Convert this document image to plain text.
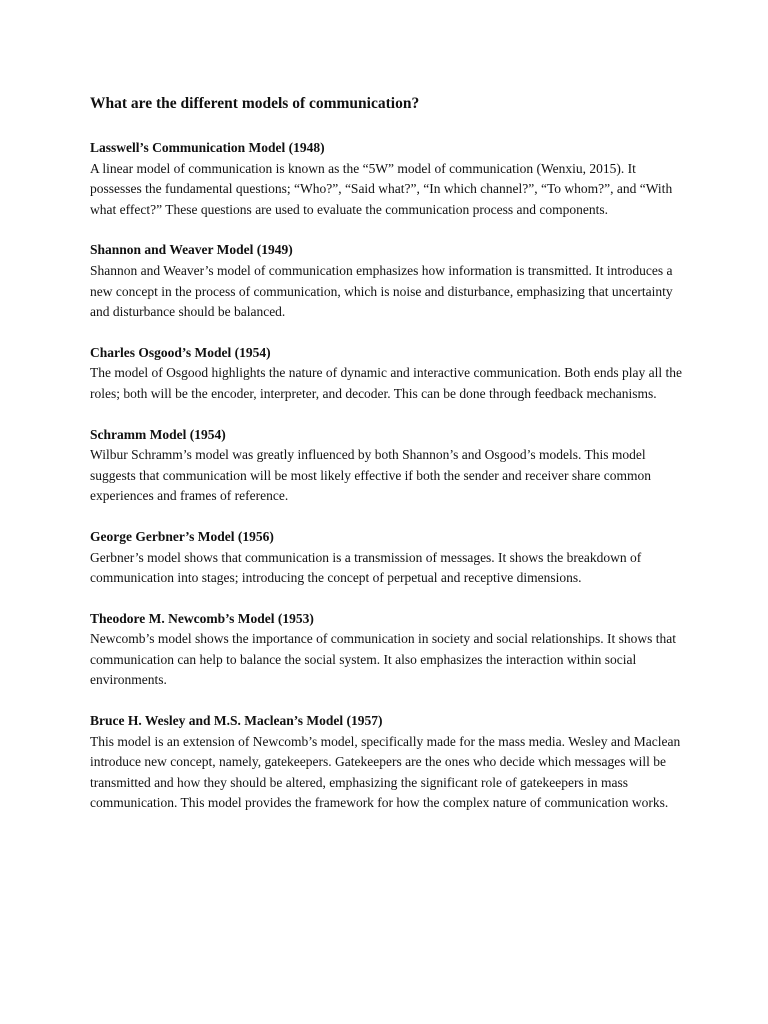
What are the different models of communication?

Lasswell’s Communication Model (1948)

A linear model of communication is known as the “5W” model of communication (Wenxiu, 2015). It possesses the fundamental questions; “Who?”, “Said what?”, “In which channel?”, “To whom?”, and “With what effect?” These questions are used to evaluate the communication process and components.

Shannon and Weaver Model (1949)

Shannon and Weaver’s model of communication emphasizes how information is transmitted. It introduces a new concept in the process of communication, which is noise and disturbance, emphasizing that uncertainty and disturbance should be balanced.

Charles Osgood’s Model (1954)

The model of Osgood highlights the nature of dynamic and interactive communication. Both ends play all the roles; both will be the encoder, interpreter, and decoder. This can be done through feedback mechanisms.

Schramm Model (1954)

Wilbur Schramm’s model was greatly influenced by both Shannon’s and Osgood’s models. This model suggests that communication will be most likely effective if both the sender and receiver share common experiences and frames of reference.

George Gerbner’s Model (1956)

Gerbner’s model shows that communication is a transmission of messages. It shows the breakdown of communication into stages; introducing the concept of perpetual and receptive dimensions.

Theodore M. Newcomb’s Model (1953)

Newcomb’s model shows the importance of communication in society and social relationships. It shows that communication can help to balance the social system. It also emphasizes the interaction within social environments.

Bruce H. Wesley and M.S. Maclean’s Model (1957)

This model is an extension of Newcomb’s model, specifically made for the mass media. Wesley and Maclean introduce new concept, namely, gatekeepers. Gatekeepers are the ones who decide which messages will be transmitted and how they should be altered, emphasizing the significant role of gatekeepers in mass communication. This model provides the framework for how the complex nature of communication works.
